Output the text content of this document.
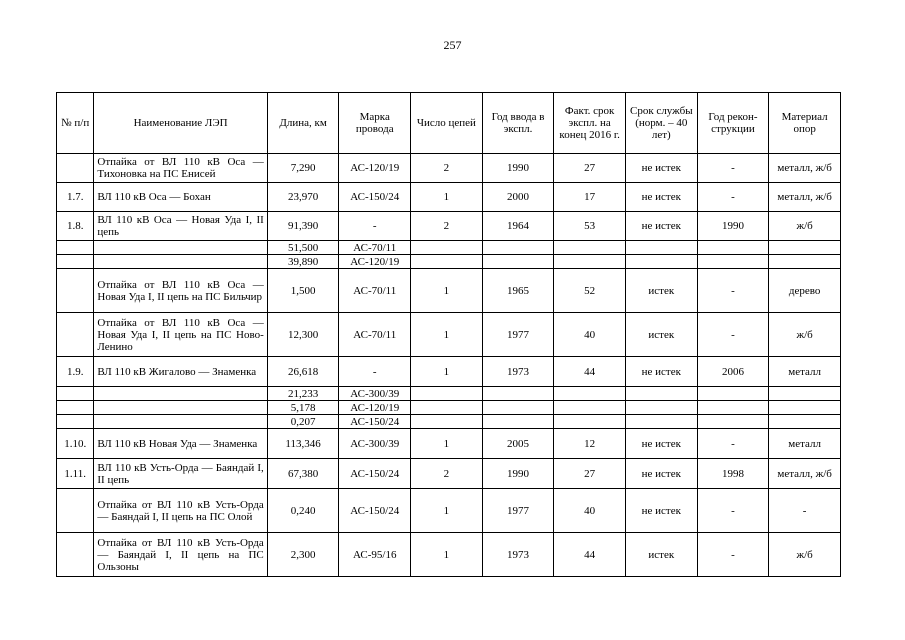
257
№ п/п	Наименование ЛЭП	Длина, км	Марка провода	Число цепей	Год ввода в экспл.	Факт. срок экспл. на конец 2016 г.	Срок службы (норм. – 40 лет)	Год рекон-струкции	Материал опор
	Отпайка от ВЛ 110 кВ Оса — Тихоновка на ПС Енисей	7,290	АС-120/19	2	1990	27	не истек	-	металл, ж/б
1.7.	ВЛ 110 кВ Оса — Бохан	23,970	АС-150/24	1	2000	17	не истек	-	металл, ж/б
1.8.	ВЛ 110 кВ Оса — Новая Уда I, II цепь	91,390	-	2	1964	53	не истек	1990	ж/б
		51,500	АС-70/11						
		39,890	АС-120/19						
	Отпайка от ВЛ 110 кВ Оса — Новая Уда I, II цепь на ПС Бильчир	1,500	АС-70/11	1	1965	52	истек	-	дерево
	Отпайка от ВЛ 110 кВ Оса — Новая Уда I, II цепь на ПС Ново-Ленино	12,300	АС-70/11	1	1977	40	истек	-	ж/б
1.9.	ВЛ 110 кВ Жигалово — Знаменка	26,618	-	1	1973	44	не истек	2006	металл
		21,233	АС-300/39						
		5,178	АС-120/19						
		0,207	АС-150/24						
1.10.	ВЛ 110 кВ Новая Уда — Знаменка	113,346	АС-300/39	1	2005	12	не истек	-	металл
1.11.	ВЛ 110 кВ Усть-Орда — Баяндай I, II цепь	67,380	АС-150/24	2	1990	27	не истек	1998	металл, ж/б
	Отпайка от ВЛ 110 кВ Усть-Орда — Баяндай I, II цепь на ПС Олой	0,240	АС-150/24	1	1977	40	не истек	-	-
	Отпайка от ВЛ 110 кВ Усть-Орда — Баяндай I, II цепь на ПС Ользоны	2,300	АС-95/16	1	1973	44	истек	-	ж/б
